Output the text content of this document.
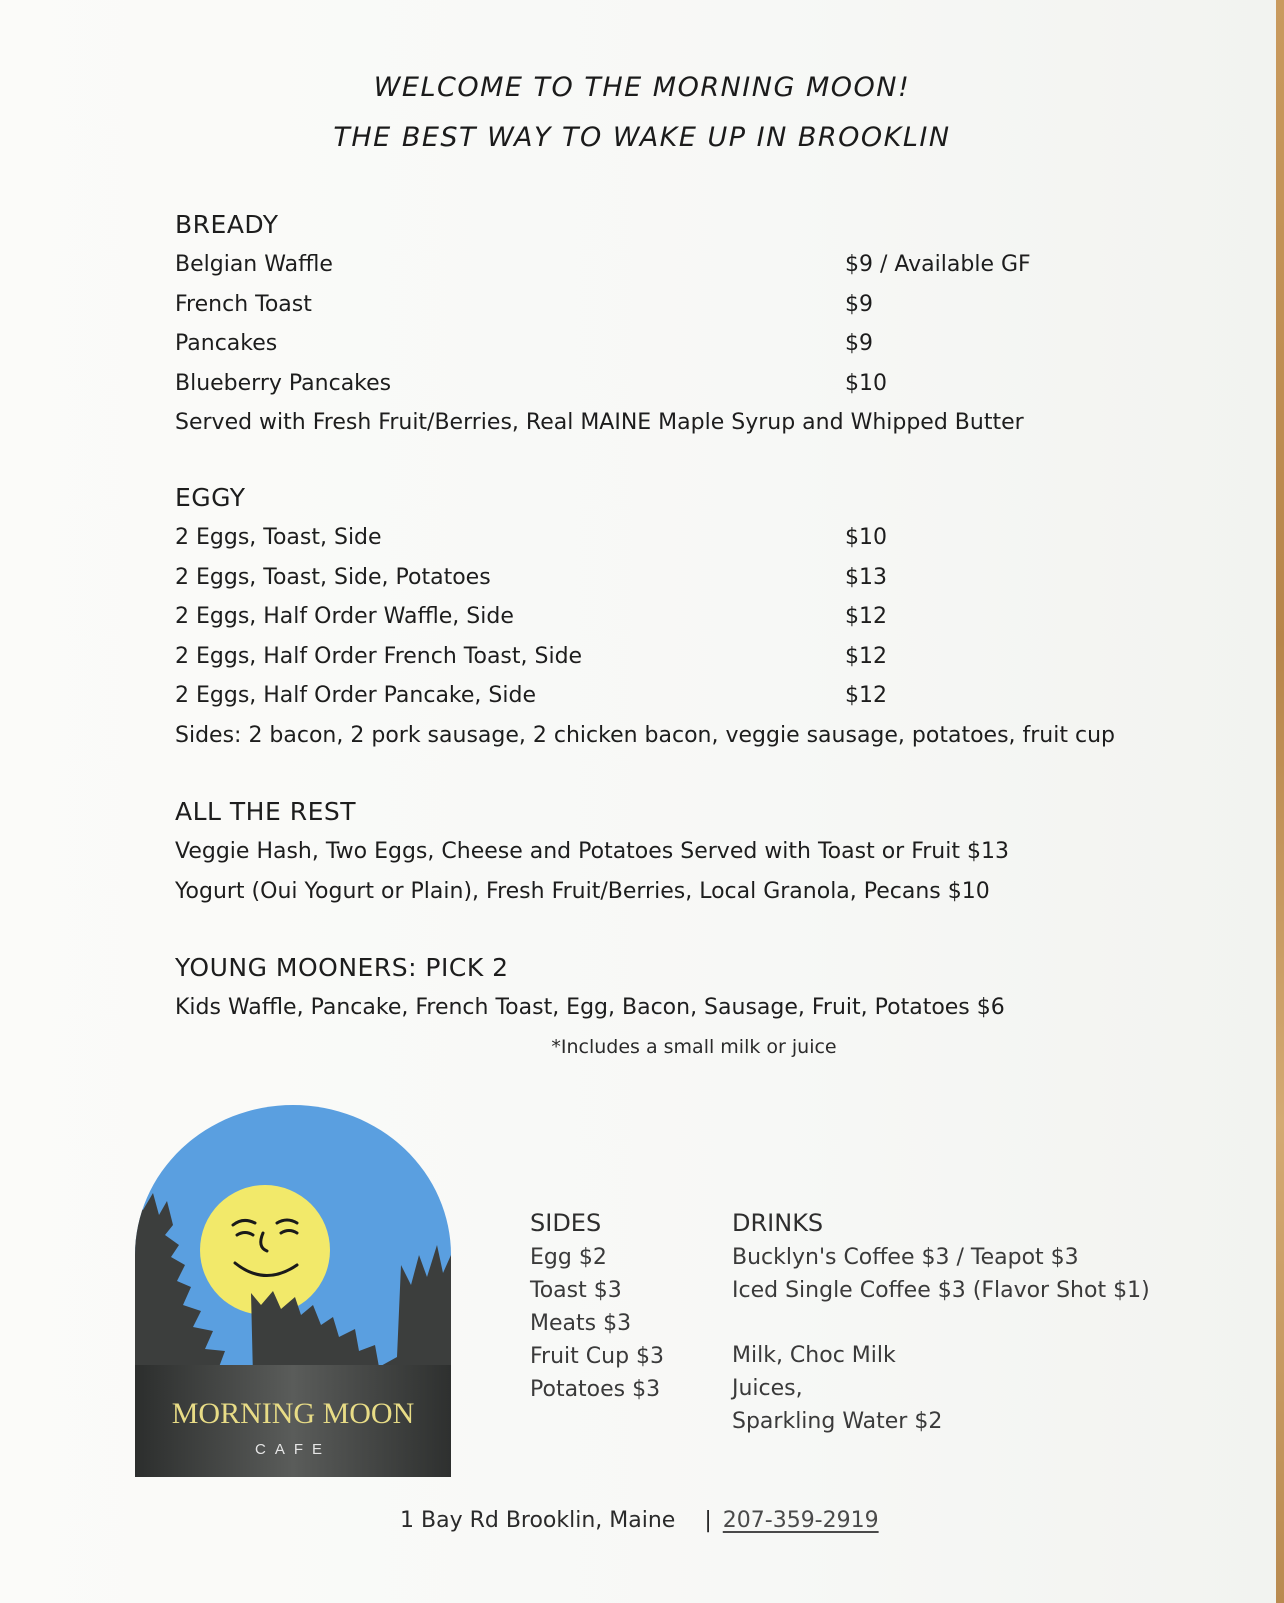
WELCOME TO THE MORNING MOON!
THE BEST WAY TO WAKE UP IN BROOKLIN
BREADY
Belgian Waffle	$9 / Available GF
French Toast	$9
Pancakes	$9
Blueberry Pancakes	$10
Served with Fresh Fruit/Berries, Real MAINE Maple Syrup and Whipped Butter
EGGY
2 Eggs, Toast, Side	$10
2 Eggs, Toast, Side, Potatoes	$13
2 Eggs, Half Order Waffle, Side	$12
2 Eggs, Half Order French Toast, Side	$12
2 Eggs, Half Order Pancake, Side	$12
Sides: 2 bacon, 2 pork sausage, 2 chicken bacon, veggie sausage, potatoes, fruit cup
ALL THE REST
Veggie Hash, Two Eggs, Cheese and Potatoes Served with Toast or Fruit $13
Yogurt (Oui Yogurt or Plain), Fresh Fruit/Berries, Local Granola, Pecans $10
YOUNG MOONERS: PICK 2
Kids Waffle, Pancake, French Toast, Egg, Bacon, Sausage, Fruit, Potatoes $6
*Includes a small milk or juice
MORNING MOON
CAFE
SIDES
Egg $2
Toast $3
Meats $3
Fruit Cup $3
Potatoes $3
DRINKS
Bucklyn's Coffee $3 / Teapot $3
Iced Single Coffee $3 (Flavor Shot $1)
Milk, Choc Milk
Juices,
Sparkling Water $2
1 Bay Rd Brooklin, Maine | 207-359-2919
